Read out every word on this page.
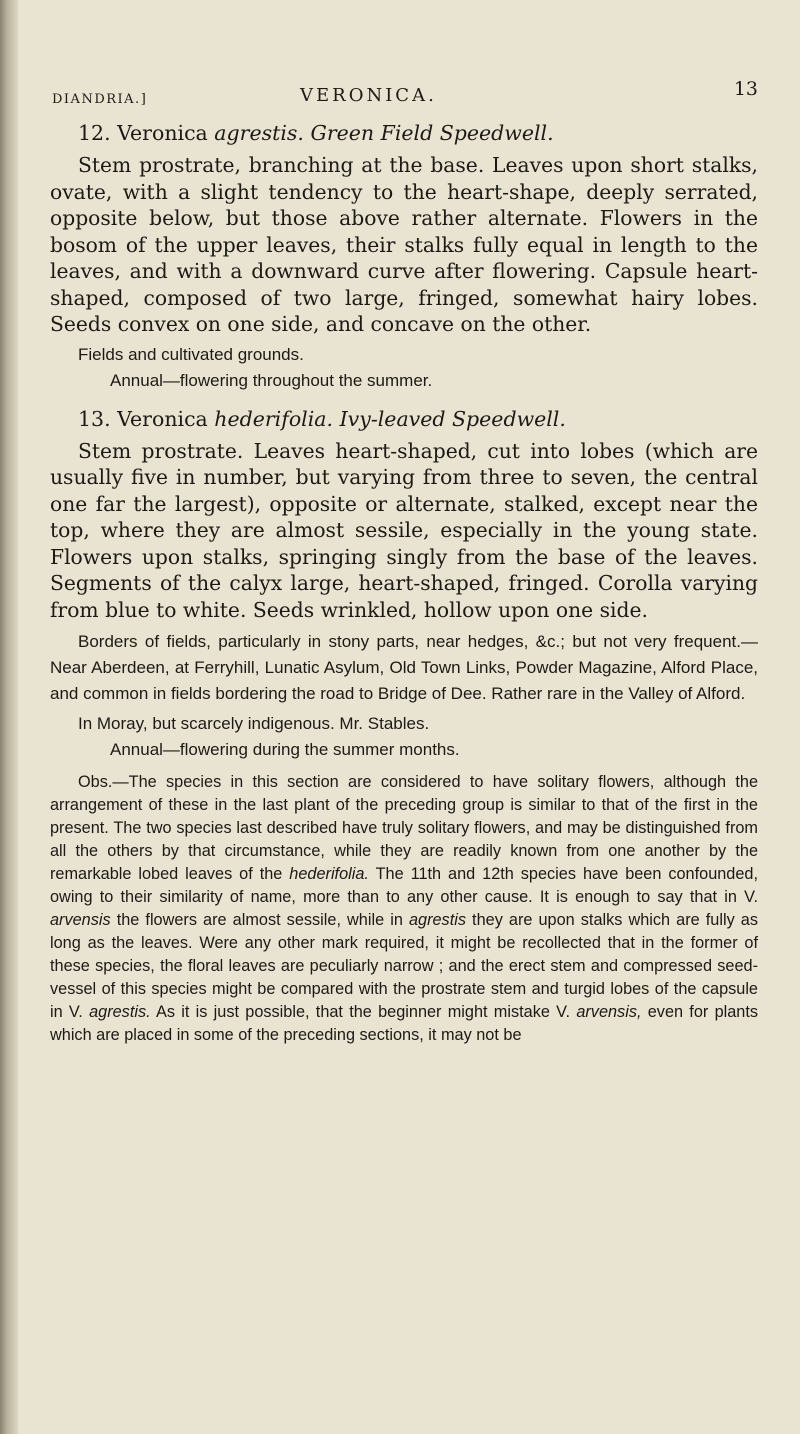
DIANDRIA.]	VERONICA.	13

12. Veronica agrestis. Green Field Speedwell.

Stem prostrate, branching at the base. Leaves upon short stalks, ovate, with a slight tendency to the heart-shape, deeply serrated, opposite below, but those above rather alternate. Flowers in the bosom of the upper leaves, their stalks fully equal in length to the leaves, and with a downward curve after flowering. Capsule heart-shaped, composed of two large, fringed, somewhat hairy lobes. Seeds convex on one side, and concave on the other.

Fields and cultivated grounds.

Annual—flowering throughout the summer.

13. Veronica hederifolia. Ivy-leaved Speedwell.

Stem prostrate. Leaves heart-shaped, cut into lobes (which are usually five in number, but varying from three to seven, the central one far the largest), opposite or alternate, stalked, except near the top, where they are almost sessile, especially in the young state. Flowers upon stalks, springing singly from the base of the leaves. Segments of the calyx large, heart-shaped, fringed. Corolla varying from blue to white. Seeds wrinkled, hollow upon one side.

Borders of fields, particularly in stony parts, near hedges, &c.; but not very frequent.—Near Aberdeen, at Ferryhill, Lunatic Asylum, Old Town Links, Powder Magazine, Alford Place, and common in fields bordering the road to Bridge of Dee. Rather rare in the Valley of Alford.

In Moray, but scarcely indigenous. Mr. Stables.

Annual—flowering during the summer months.

Obs.—The species in this section are considered to have solitary flowers, although the arrangement of these in the last plant of the preceding group is similar to that of the first in the present. The two species last described have truly solitary flowers, and may be distinguished from all the others by that circumstance, while they are readily known from one another by the remarkable lobed leaves of the hederifolia. The 11th and 12th species have been confounded, owing to their similarity of name, more than to any other cause. It is enough to say that in V. arvensis the flowers are almost sessile, while in agrestis they are upon stalks which are fully as long as the leaves. Were any other mark required, it might be recollected that in the former of these species, the floral leaves are peculiarly narrow ; and the erect stem and compressed seed-vessel of this species might be compared with the prostrate stem and turgid lobes of the capsule in V. agrestis. As it is just possible, that the beginner might mistake V. arvensis, even for plants which are placed in some of the preceding sections, it may not be
